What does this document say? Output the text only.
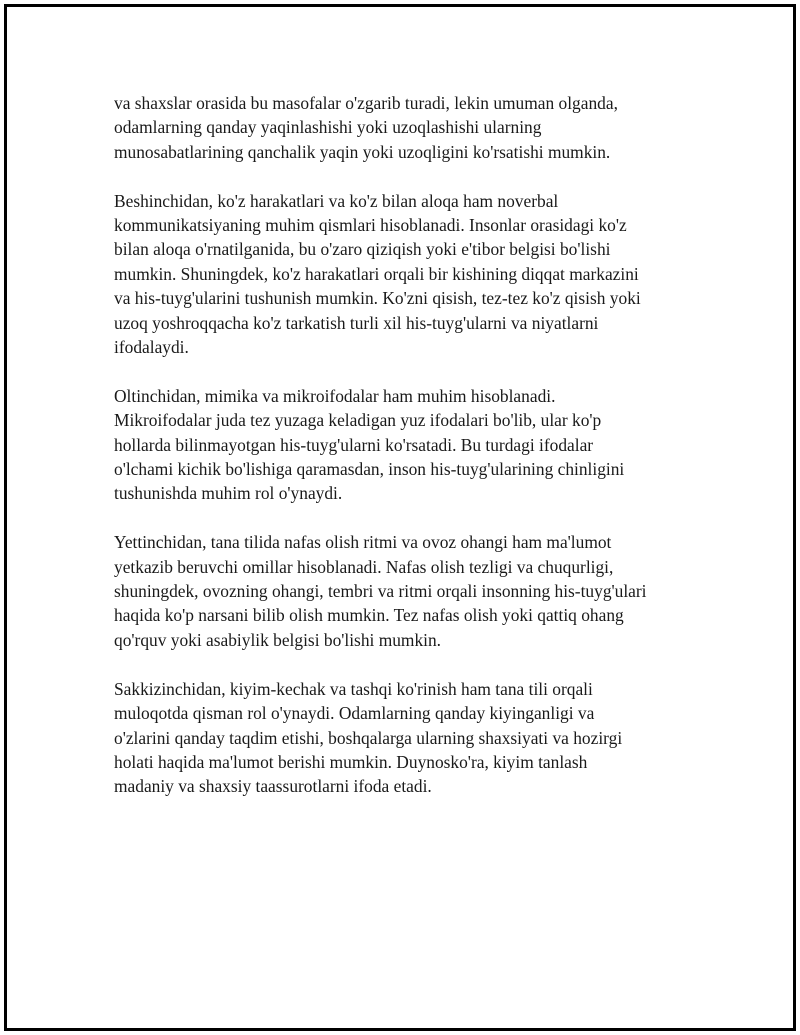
va shaxslar orasida bu masofalar o'zgarib turadi, lekin umuman olganda,
odamlarning qanday yaqinlashishi yoki uzoqlashishi ularning
munosabatlarining qanchalik yaqin yoki uzoqligini ko'rsatishi mumkin.

Beshinchidan, ko'z harakatlari va ko'z bilan aloqa ham noverbal
kommunikatsiyaning muhim qismlari hisoblanadi. Insonlar orasidagi ko'z
bilan aloqa o'rnatilganida, bu o'zaro qiziqish yoki e'tibor belgisi bo'lishi
mumkin. Shuningdek, ko'z harakatlari orqali bir kishining diqqat markazini
va his-tuyg'ularini tushunish mumkin. Ko'zni qisish, tez-tez ko'z qisish yoki
uzoq yoshroqqacha ko'z tarkatish turli xil his-tuyg'ularni va niyatlarni
ifodalaydi.

Oltinchidan, mimika va mikroifodalar ham muhim hisoblanadi.
Mikroifodalar juda tez yuzaga keladigan yuz ifodalari bo'lib, ular ko'p
hollarda bilinmayotgan his-tuyg'ularni ko'rsatadi. Bu turdagi ifodalar
o'lchami kichik bo'lishiga qaramasdan, inson his-tuyg'ularining chinligini
tushunishda muhim rol o'ynaydi.

Yettinchidan, tana tilida nafas olish ritmi va ovoz ohangi ham ma'lumot
yetkazib beruvchi omillar hisoblanadi. Nafas olish tezligi va chuqurligi,
shuningdek, ovozning ohangi, tembri va ritmi orqali insonning his-tuyg'ulari
haqida ko'p narsani bilib olish mumkin. Tez nafas olish yoki qattiq ohang
qo'rquv yoki asabiylik belgisi bo'lishi mumkin.

Sakkizinchidan, kiyim-kechak va tashqi ko'rinish ham tana tili orqali
muloqotda qisman rol o'ynaydi. Odamlarning qanday kiyinganligi va
o'zlarini qanday taqdim etishi, boshqalarga ularning shaxsiyati va hozirgi
holati haqida ma'lumot berishi mumkin. Duynosko'ra, kiyim tanlash
madaniy va shaxsiy taassurotlarni ifoda etadi.
